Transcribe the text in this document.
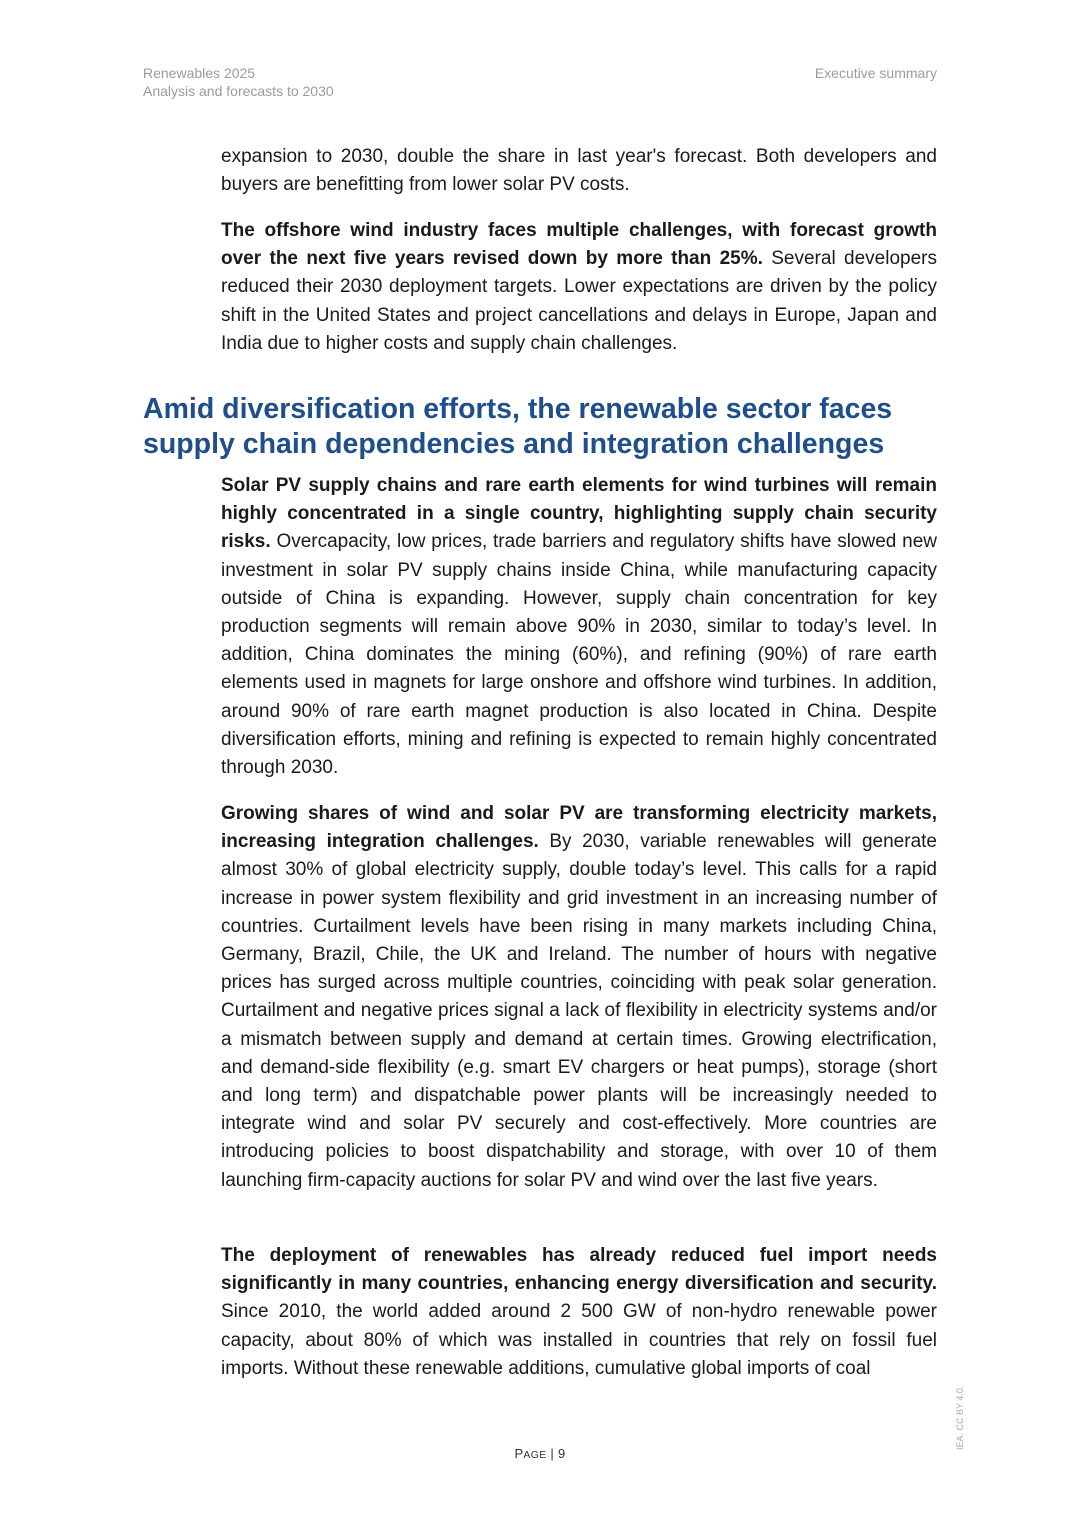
Renewables 2025
Analysis and forecasts to 2030
Executive summary

expansion to 2030, double the share in last year's forecast. Both developers and buyers are benefitting from lower solar PV costs.

The offshore wind industry faces multiple challenges, with forecast growth over the next five years revised down by more than 25%. Several developers reduced their 2030 deployment targets. Lower expectations are driven by the policy shift in the United States and project cancellations and delays in Europe, Japan and India due to higher costs and supply chain challenges.

Amid diversification efforts, the renewable sector faces supply chain dependencies and integration challenges

Solar PV supply chains and rare earth elements for wind turbines will remain highly concentrated in a single country, highlighting supply chain security risks. Overcapacity, low prices, trade barriers and regulatory shifts have slowed new investment in solar PV supply chains inside China, while manufacturing capacity outside of China is expanding. However, supply chain concentration for key production segments will remain above 90% in 2030, similar to today’s level. In addition, China dominates the mining (60%), and refining (90%) of rare earth elements used in magnets for large onshore and offshore wind turbines. In addition, around 90% of rare earth magnet production is also located in China. Despite diversification efforts, mining and refining is expected to remain highly concentrated through 2030.

Growing shares of wind and solar PV are transforming electricity markets, increasing integration challenges. By 2030, variable renewables will generate almost 30% of global electricity supply, double today’s level. This calls for a rapid increase in power system flexibility and grid investment in an increasing number of countries. Curtailment levels have been rising in many markets including China, Germany, Brazil, Chile, the UK and Ireland. The number of hours with negative prices has surged across multiple countries, coinciding with peak solar generation. Curtailment and negative prices signal a lack of flexibility in electricity systems and/or a mismatch between supply and demand at certain times. Growing electrification, and demand-side flexibility (e.g. smart EV chargers or heat pumps), storage (short and long term) and dispatchable power plants will be increasingly needed to integrate wind and solar PV securely and cost-effectively. More countries are introducing policies to boost dispatchability and storage, with over 10 of them launching firm-capacity auctions for solar PV and wind over the last five years.

The deployment of renewables has already reduced fuel import needs significantly in many countries, enhancing energy diversification and security. Since 2010, the world added around 2 500 GW of non-hydro renewable power capacity, about 80% of which was installed in countries that rely on fossil fuel imports. Without these renewable additions, cumulative global imports of coal

PAGE | 9
IEA. CC BY 4.0.
